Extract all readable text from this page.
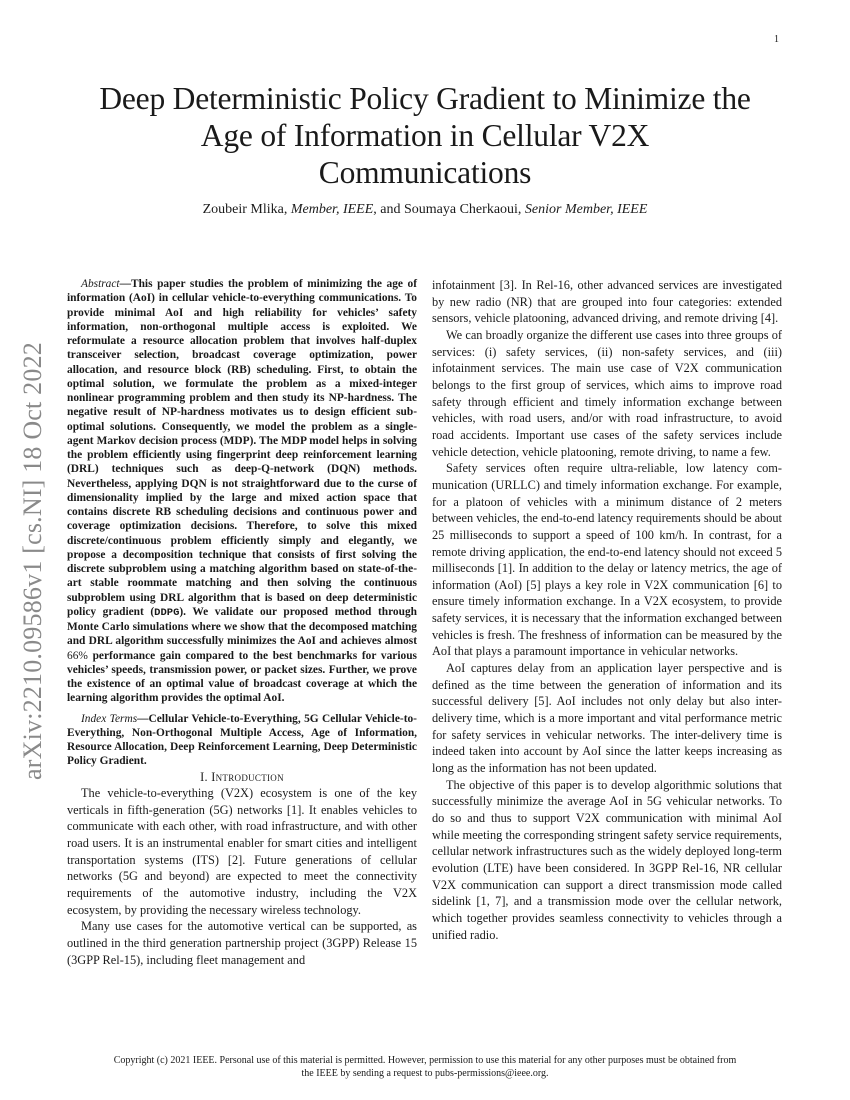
1
Deep Deterministic Policy Gradient to Minimize the
Age of Information in Cellular V2X
Communications
Zoubeir Mlika, Member, IEEE, and Soumaya Cherkaoui, Senior Member, IEEE
arXiv:2210.09586v1 [cs.NI] 18 Oct 2022

Abstract—This paper studies the problem of minimizing the age of information (AoI) in cellular vehicle-to-everything communications. To provide minimal AoI and high reliability for vehicles’ safety information, non-orthogonal multiple access is exploited. We reformulate a resource allocation problem that involves half-duplex transceiver selection, broadcast coverage optimization, power allocation, and resource block (RB) scheduling. First, to obtain the optimal solution, we formulate the problem as a mixed-integer nonlinear programming problem and then study its NP-hardness. The negative result of NP-hardness motivates us to design efficient sub-optimal solutions. Consequently, we model the problem as a single-agent Markov decision process (MDP). The MDP model helps in solving the problem efficiently using fingerprint deep reinforcement learning (DRL) techniques such as deep-Q-network (DQN) methods. Nevertheless, applying DQN is not straightforward due to the curse of dimensionality implied by the large and mixed action space that contains discrete RB scheduling decisions and continuous power and coverage optimization decisions. Therefore, to solve this mixed discrete/continuous problem efficiently simply and elegantly, we propose a decomposition technique that consists of first solving the discrete subproblem using a matching algorithm based on state-of-the-art stable roommate matching and then solving the continuous subproblem using DRL algorithm that is based on deep deterministic policy gradient (DDPG). We validate our proposed method through Monte Carlo simulations where we show that the decomposed matching and DRL algorithm successfully minimizes the AoI and achieves almost 66% performance gain compared to the best benchmarks for various vehicles’ speeds, transmission power, or packet sizes. Further, we prove the existence of an optimal value of broadcast coverage at which the learning algorithm provides the optimal AoI.

Index Terms—Cellular Vehicle-to-Everything, 5G Cellular Vehicle-to-Everything, Non-Orthogonal Multiple Access, Age of Information, Resource Allocation, Deep Reinforcement Learning, Deep Deterministic Policy Gradient.

I. Introduction

The vehicle-to-everything (V2X) ecosystem is one of the key verticals in fifth-generation (5G) networks [1]. It enables vehicles to communicate with each other, with road infrastructure, and with other road users. It is an instrumental enabler for smart cities and intelligent transportation systems (ITS) [2]. Future generations of cellular networks (5G and beyond) are expected to meet the connectivity requirements of the automotive industry, including the V2X ecosystem, by providing the necessary wireless technology.

Many use cases for the automotive vertical can be supported, as outlined in the third generation partnership project (3GPP) Release 15 (3GPP Rel-15), including fleet management and

infotainment [3]. In Rel-16, other advanced services are investigated by new radio (NR) that are grouped into four categories: extended sensors, vehicle platooning, advanced driving, and remote driving [4].

We can broadly organize the different use cases into three groups of services: (i) safety services, (ii) non-safety services, and (iii) infotainment services. The main use case of V2X communication belongs to the first group of services, which aims to improve road safety through efficient and timely information exchange between vehicles, with road users, and/or with road infrastructure, to avoid road accidents. Important use cases of the safety services include vehicle detection, vehicle platooning, remote driving, to name a few.

Safety services often require ultra-reliable, low latency communication (URLLC) and timely information exchange. For example, for a platoon of vehicles with a minimum distance of 2 meters between vehicles, the end-to-end latency requirements should be about 25 milliseconds to support a speed of 100 km/h. In contrast, for a remote driving application, the end-to-end latency should not exceed 5 milliseconds [1]. In addition to the delay or latency metrics, the age of information (AoI) [5] plays a key role in V2X communication [6] to ensure timely information exchange. In a V2X ecosystem, to provide safety services, it is necessary that the information exchanged between vehicles is fresh. The freshness of information can be measured by the AoI that plays a paramount importance in vehicular networks.

AoI captures delay from an application layer perspective and is defined as the time between the generation of information and its successful delivery [5]. AoI includes not only delay but also inter-delivery time, which is a more important and vital performance metric for safety services in vehicular networks. The inter-delivery time is indeed taken into account by AoI since the latter keeps increasing as long as the information has not been updated.

The objective of this paper is to develop algorithmic solutions that successfully minimize the average AoI in 5G vehicular networks. To do so and thus to support V2X communication with minimal AoI while meeting the corresponding stringent safety service requirements, cellular network infrastructures such as the widely deployed long-term evolution (LTE) have been considered. In 3GPP Rel-16, NR cellular V2X communication can support a direct transmission mode called sidelink [1, 7], and a transmission mode over the cellular network, which together provides seamless connectivity to vehicles through a unified radio.

Copyright (c) 2021 IEEE. Personal use of this material is permitted. However, permission to use this material for any other purposes must be obtained from
the IEEE by sending a request to pubs-permissions@ieee.org.
